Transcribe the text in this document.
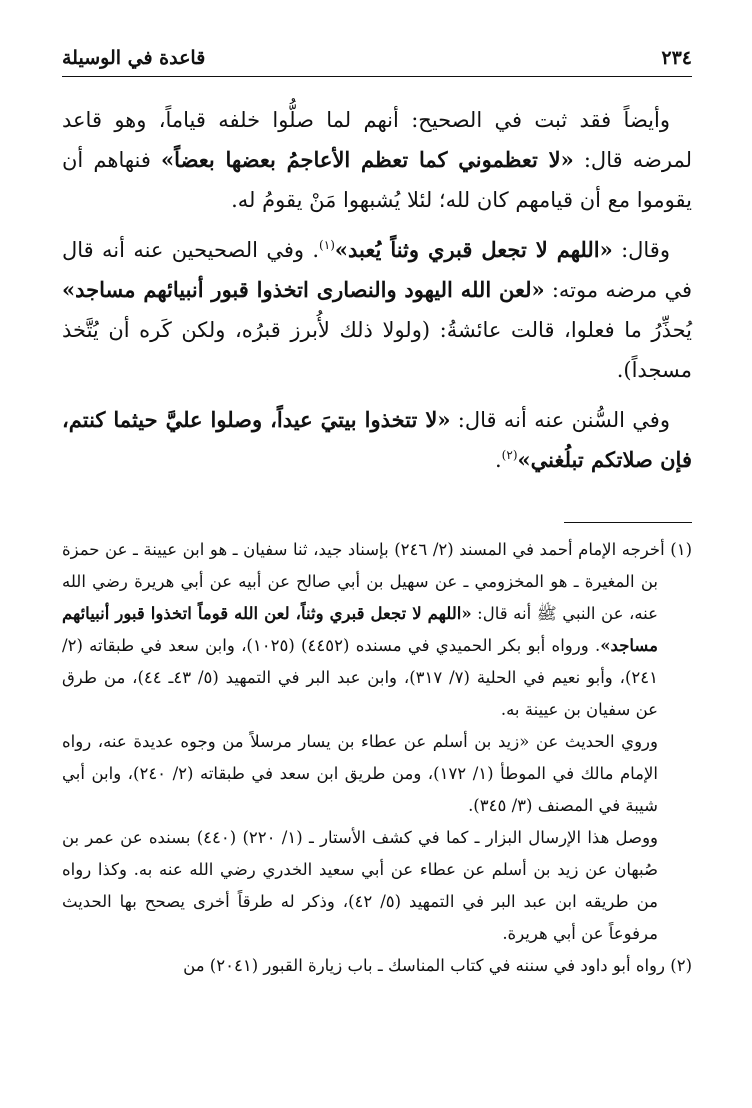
٢٣٤
قاعدة في الوسيلة

وأيضاً فقد ثبت في الصحيح: أنهم لما صلُّوا خلفه قياماً، وهو قاعد لمرضه قال: «لا تعظموني كما تعظم الأعاجمُ بعضها بعضاً» فنهاهم أن يقوموا مع أن قيامهم كان لله؛ لئلا يُشبهوا مَنْ يقومُ له.

وقال: «اللهم لا تجعل قبري وثناً يُعبد»$^{(١)}$. وفي الصحيحين عنه أنه قال في مرضه موته: «لعن الله اليهود والنصارى اتخذوا قبور أنبيائهم مساجد» يُحذِّرُ ما فعلوا، قالت عائشةُ: (ولولا ذلك لأُبرز قبرُه، ولكن كَره أن يُتَّخذ مسجداً).

وفي السُّنن عنه أنه قال: «لا تتخذوا بيتيَ عيداً، وصلوا عليَّ حيثما كنتم، فإن صلاتكم تبلُغني»$^{(٢)}$.

(١) أخرجه الإمام أحمد في المسند (٢/ ٢٤٦) بإسناد جيد، ثنا سفيان ـ هو ابن عيينة ـ عن حمزة بن المغيرة ـ هو المخزومي ـ عن سهيل بن أبي صالح عن أبيه عن أبي هريرة رضي الله عنه، عن النبي ﷺ أنه قال: «اللهم لا تجعل قبري وثناً، لعن الله قوماً اتخذوا قبور أنبيائهم مساجد». ورواه أبو بكر الحميدي في مسنده (٤٤٥٢) (١٠٢٥)، وابن سعد في طبقاته (٢/ ٢٤١)، وأبو نعيم في الحلية (٧/ ٣١٧)، وابن عبد البر في التمهيد (٥/ ٤٣ـ ٤٤)، من طرق عن سفيان بن عيينة به.

وروي الحديث عن «زيد بن أسلم عن عطاء بن يسار مرسلاً من وجوه عديدة عنه، رواه الإمام مالك في الموطأ (١/ ١٧٢)، ومن طريق ابن سعد في طبقاته (٢/ ٢٤٠)، وابن أبي شيبة في المصنف (٣/ ٣٤٥).

ووصل هذا الإرسال البزار ـ كما في كشف الأستار ـ (١/ ٢٢٠) (٤٤٠) بسنده عن عمر بن صُبهان عن زيد بن أسلم عن عطاء عن أبي سعيد الخدري رضي الله عنه به. وكذا رواه من طريقه ابن عبد البر في التمهيد (٥/ ٤٢)، وذكر له طرقاً أخرى يصحح بها الحديث مرفوعاً عن أبي هريرة.

(٢) رواه أبو داود في سننه في كتاب المناسك ـ باب زيارة القبور (٢٠٤١) من
